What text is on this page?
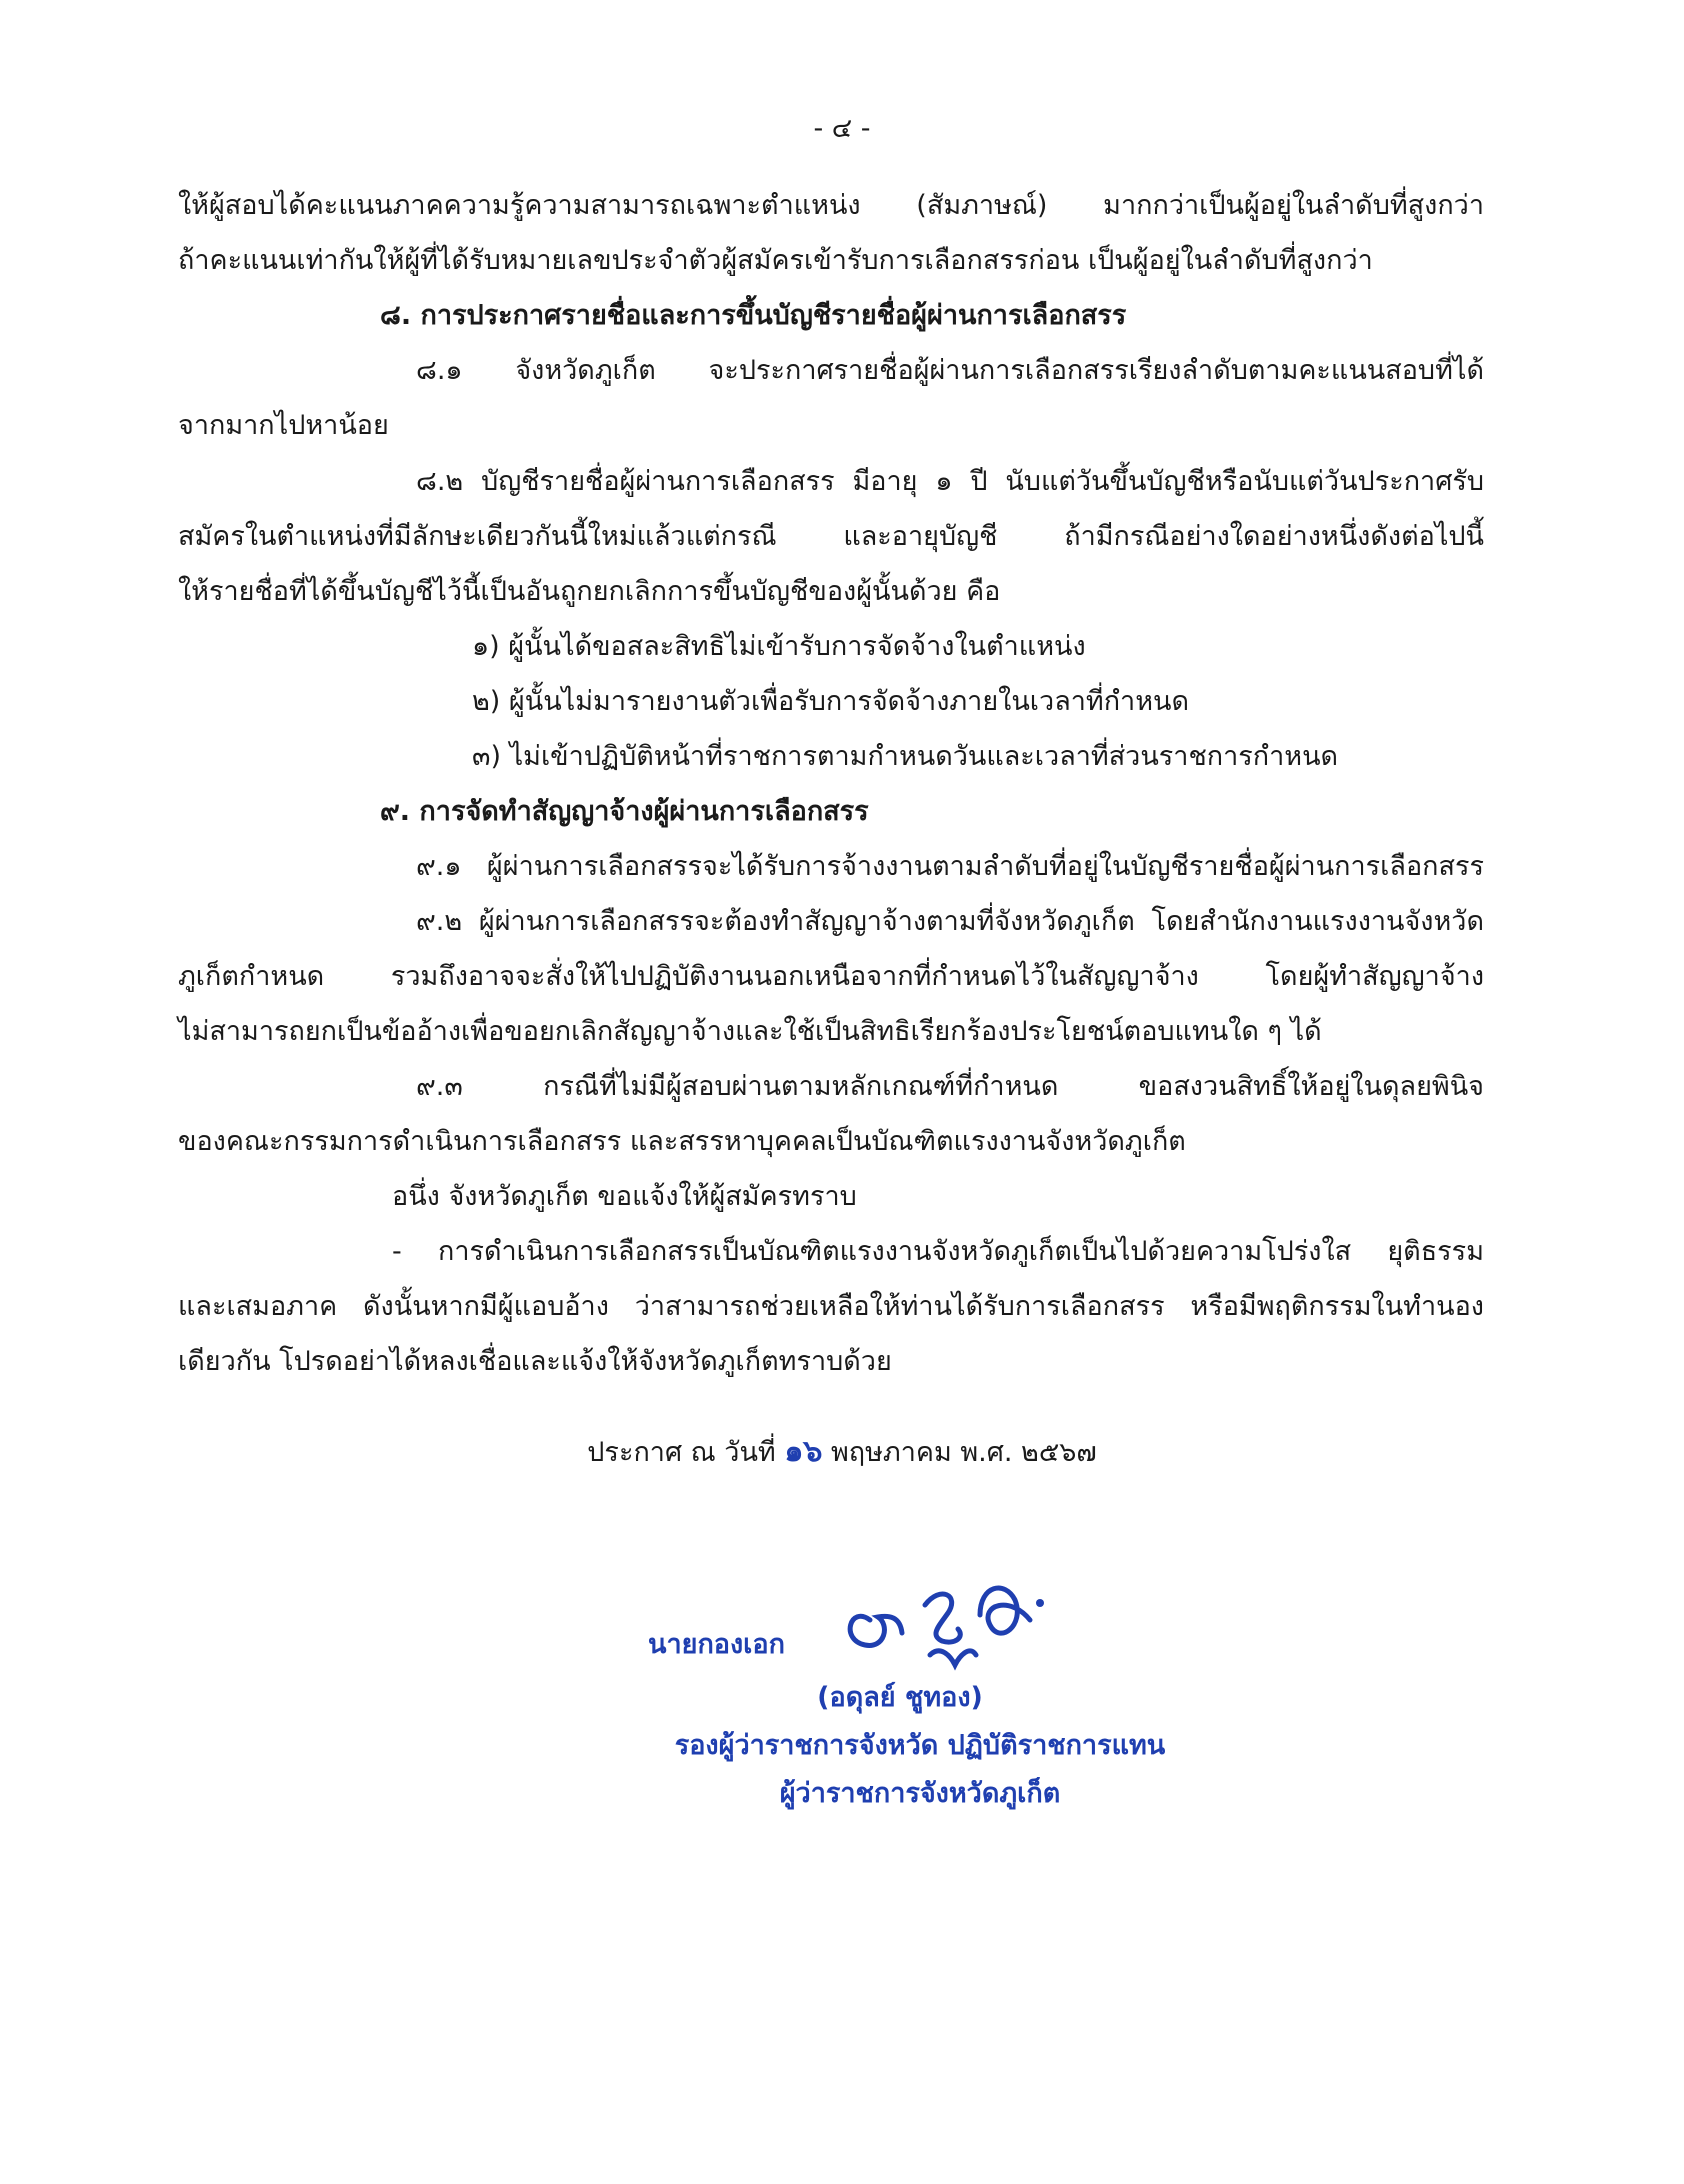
- ๔ -
ให้ผู้สอบได้คะแนนภาคความรู้ความสามารถเฉพาะตำแหน่ง (สัมภาษณ์) มากกว่าเป็นผู้อยู่ในลำดับที่สูงกว่า
ถ้าคะแนนเท่ากันให้ผู้ที่ได้รับหมายเลขประจำตัวผู้สมัครเข้ารับการเลือกสรรก่อน เป็นผู้อยู่ในลำดับที่สูงกว่า
๘. การประกาศรายชื่อและการขึ้นบัญชีรายชื่อผู้ผ่านการเลือกสรร
๘.๑ จังหวัดภูเก็ต จะประกาศรายชื่อผู้ผ่านการเลือกสรรเรียงลำดับตามคะแนนสอบที่ได้
จากมากไปหาน้อย
๘.๒ บัญชีรายชื่อผู้ผ่านการเลือกสรร มีอายุ ๑ ปี นับแต่วันขึ้นบัญชีหรือนับแต่วันประกาศรับ
สมัครในตำแหน่งที่มีลักษะเดียวกันนี้ใหม่แล้วแต่กรณี และอายุบัญชี ถ้ามีกรณีอย่างใดอย่างหนึ่งดังต่อไปนี้
ให้รายชื่อที่ได้ขึ้นบัญชีไว้นี้เป็นอันถูกยกเลิกการขึ้นบัญชีของผู้นั้นด้วย คือ
๑) ผู้นั้นได้ขอสละสิทธิไม่เข้ารับการจัดจ้างในตำแหน่ง
๒) ผู้นั้นไม่มารายงานตัวเพื่อรับการจัดจ้างภายในเวลาที่กำหนด
๓) ไม่เข้าปฏิบัติหน้าที่ราชการตามกำหนดวันและเวลาที่ส่วนราชการกำหนด
๙. การจัดทำสัญญาจ้างผู้ผ่านการเลือกสรร
๙.๑ ผู้ผ่านการเลือกสรรจะได้รับการจ้างงานตามลำดับที่อยู่ในบัญชีรายชื่อผู้ผ่านการเลือกสรร
๙.๒ ผู้ผ่านการเลือกสรรจะต้องทำสัญญาจ้างตามที่จังหวัดภูเก็ต โดยสำนักงานแรงงานจังหวัด
ภูเก็ตกำหนด รวมถึงอาจจะสั่งให้ไปปฏิบัติงานนอกเหนือจากที่กำหนดไว้ในสัญญาจ้าง โดยผู้ทำสัญญาจ้าง
ไม่สามารถยกเป็นข้ออ้างเพื่อขอยกเลิกสัญญาจ้างและใช้เป็นสิทธิเรียกร้องประโยชน์ตอบแทนใด ๆ ได้
๙.๓ กรณีที่ไม่มีผู้สอบผ่านตามหลักเกณฑ์ที่กำหนด ขอสงวนสิทธิ์ให้อยู่ในดุลยพินิจ
ของคณะกรรมการดำเนินการเลือกสรร และสรรหาบุคคลเป็นบัณฑิตแรงงานจังหวัดภูเก็ต
อนึ่ง จังหวัดภูเก็ต ขอแจ้งให้ผู้สมัครทราบ
- การดำเนินการเลือกสรรเป็นบัณฑิตแรงงานจังหวัดภูเก็ตเป็นไปด้วยความโปร่งใส ยุติธรรม
และเสมอภาค ดังนั้นหากมีผู้แอบอ้าง ว่าสามารถช่วยเหลือให้ท่านได้รับการเลือกสรร หรือมีพฤติกรรมในทำนอง
เดียวกัน โปรดอย่าได้หลงเชื่อและแจ้งให้จังหวัดภูเก็ตทราบด้วย
ประกาศ ณ วันที่ ๑๖ พฤษภาคม พ.ศ. ๒๕๖๗
นายกองเอก
(อดุลย์ ชูทอง)
รองผู้ว่าราชการจังหวัด ปฏิบัติราชการแทน
ผู้ว่าราชการจังหวัดภูเก็ต
